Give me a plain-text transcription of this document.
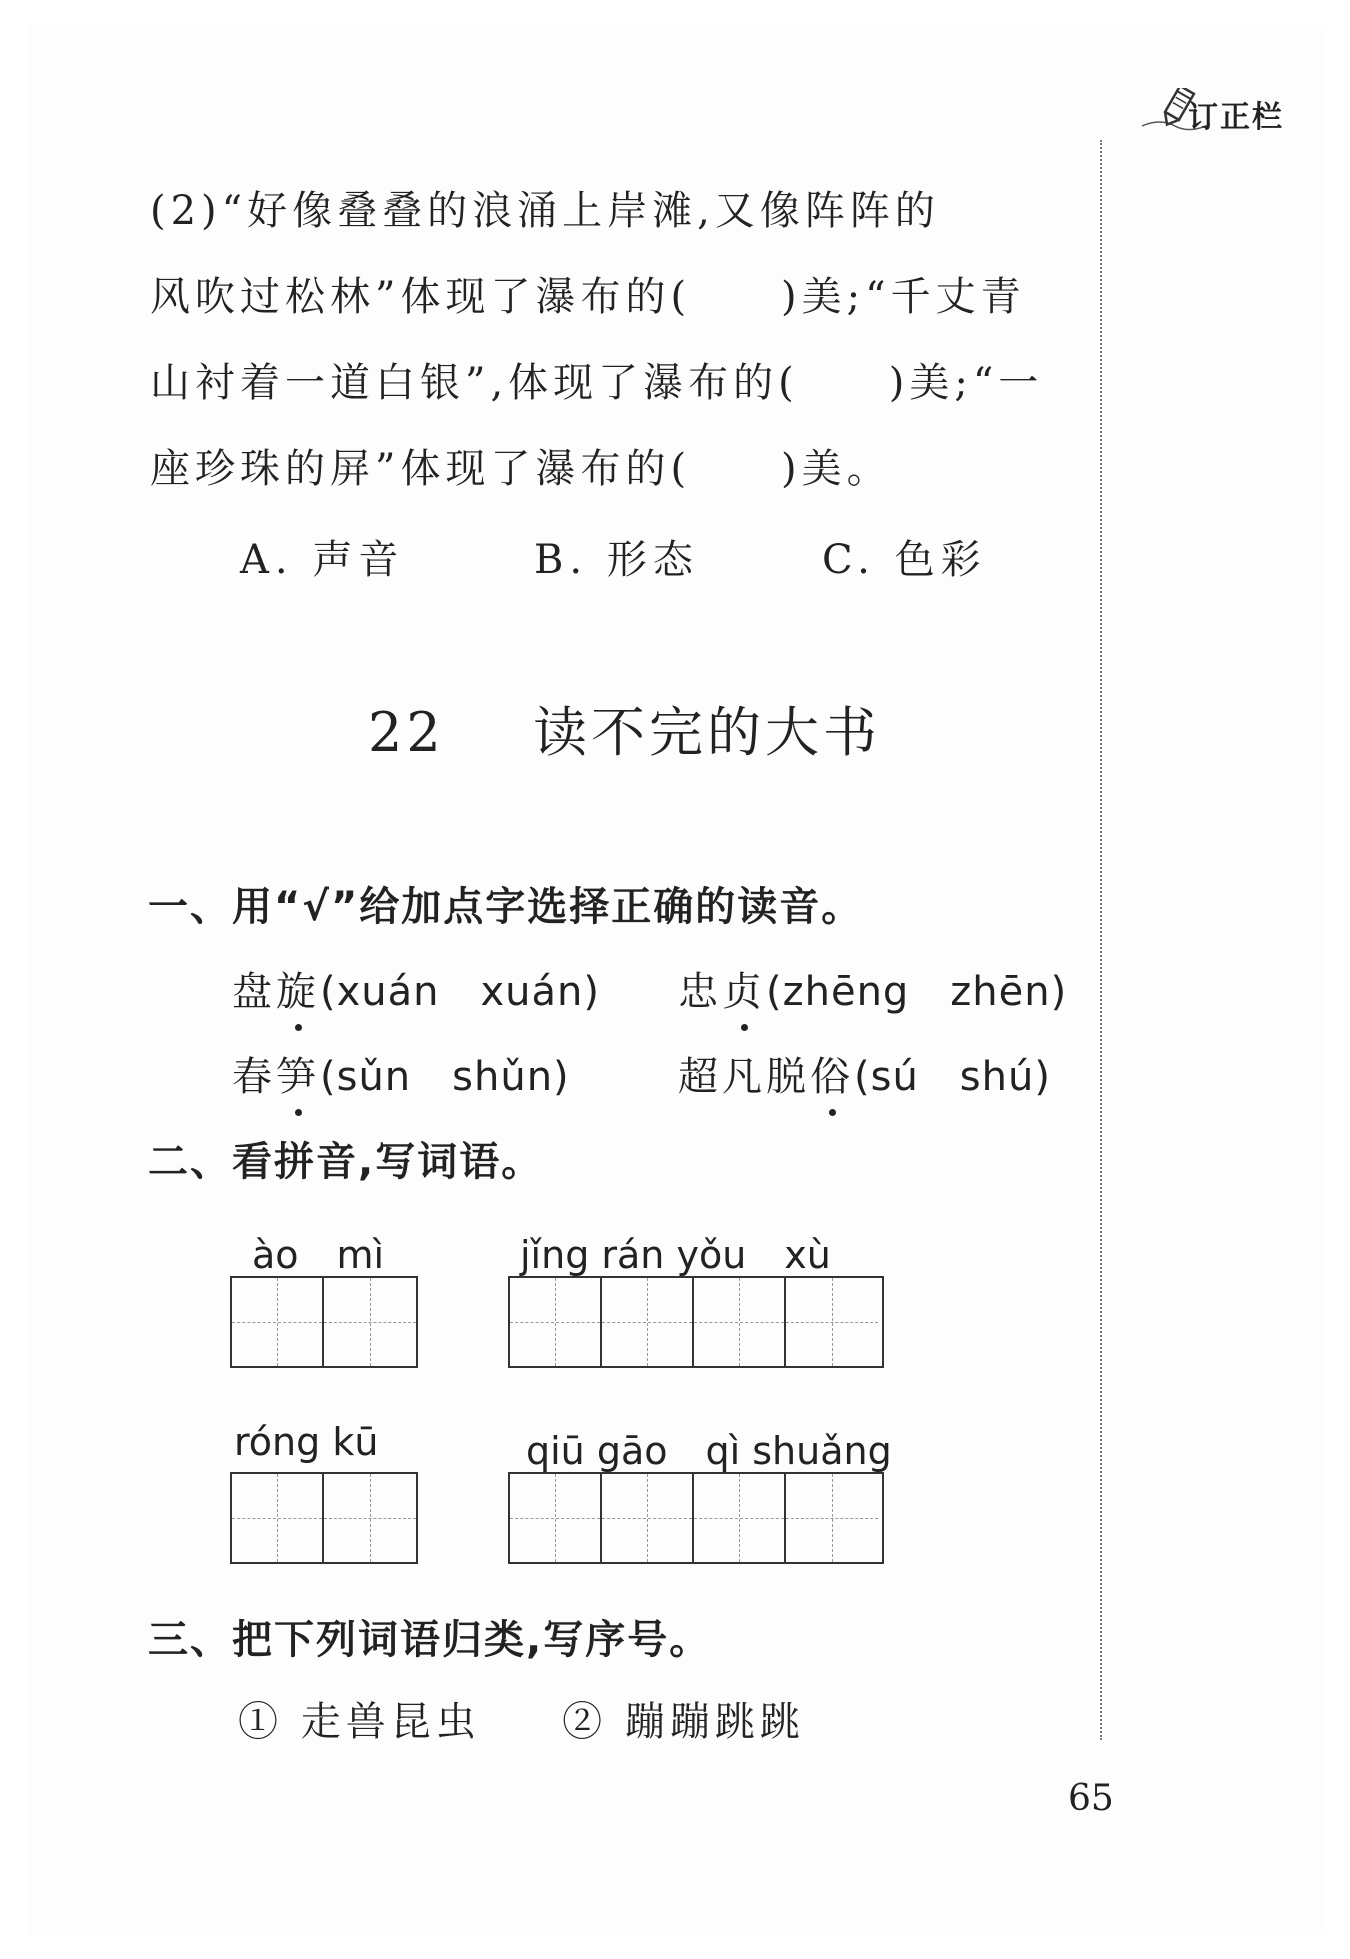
订正栏
(2)“好像叠叠的浪涌上岸滩,又像阵阵的
风吹过松林”体现了瀑布的(　　)美;“千丈青
山衬着一道白银”,体现了瀑布的(　　)美;“一
座珍珠的屏”体现了瀑布的(　　)美。
A. 声音	B. 形态	C. 色彩
22 读不完的大书
一、用“√”给加点字选择正确的读音。
盘旋(xuán　xuán) 忠贞(zhēng　zhēn)
春笋(sǔn　shǔn)	超凡脱俗(sú　shú)
二、看拼音,写词语。
ào　mì	jǐng rán yǒu　xù
róng kū	qiū gāo　qì shuǎng
三、把下列词语归类,写序号。
① 走兽昆虫 ② 蹦蹦跳跳
65
